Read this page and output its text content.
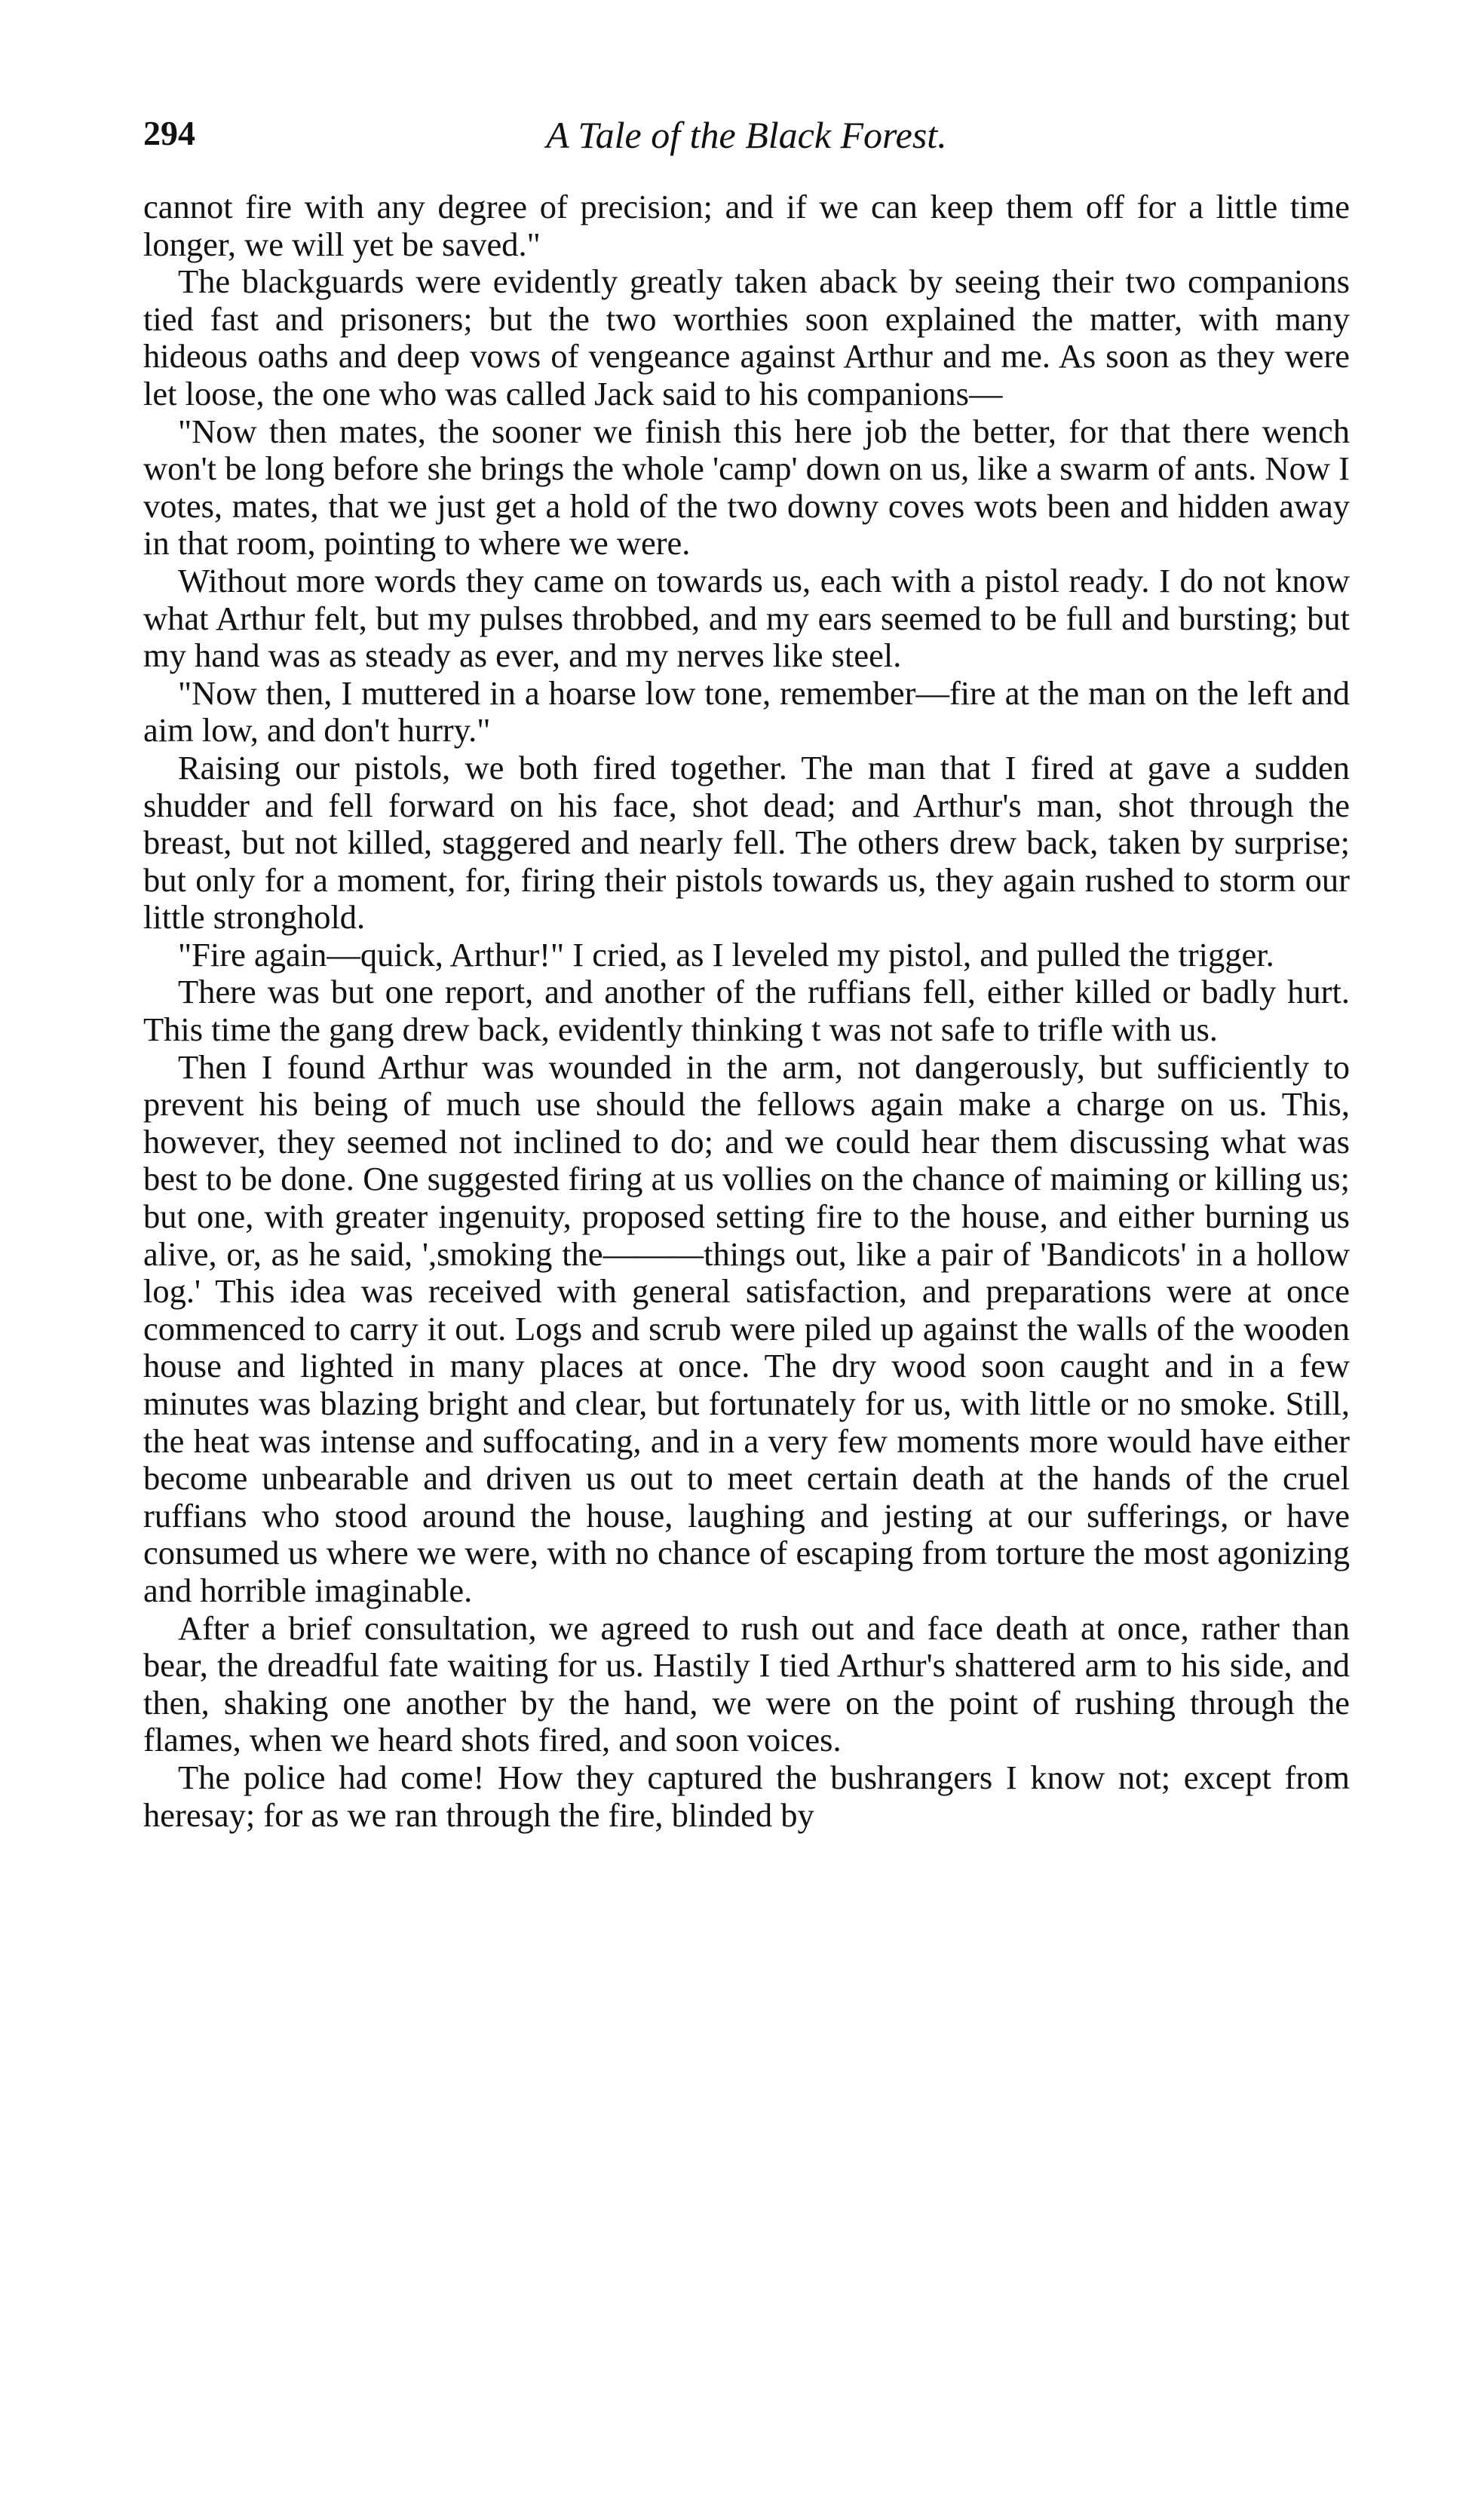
294	A Tale of the Black Forest.

cannot fire with any degree of precision; and if we can keep them off for a little time longer, we will yet be saved."

The blackguards were evidently greatly taken aback by seeing their two companions tied fast and prisoners; but the two worthies soon explained the matter, with many hideous oaths and deep vows of vengeance against Arthur and me. As soon as they were let loose, the one who was called Jack said to his companions—

"Now then mates, the sooner we finish this here job the better, for that there wench won't be long before she brings the whole 'camp' down on us, like a swarm of ants. Now I votes, mates, that we just get a hold of the two downy coves wots been and hidden away in that room, pointing to where we were.

Without more words they came on towards us, each with a pistol ready. I do not know what Arthur felt, but my pulses throbbed, and my ears seemed to be full and bursting; but my hand was as steady as ever, and my nerves like steel.

"Now then, I muttered in a hoarse low tone, remember—fire at the man on the left and aim low, and don't hurry."

Raising our pistols, we both fired together. The man that I fired at gave a sudden shudder and fell forward on his face, shot dead; and Arthur's man, shot through the breast, but not killed, staggered and nearly fell. The others drew back, taken by surprise; but only for a moment, for, firing their pistols towards us, they again rushed to storm our little stronghold.

"Fire again—quick, Arthur!" I cried, as I leveled my pistol, and pulled the trigger.

There was but one report, and another of the ruffians fell, either killed or badly hurt. This time the gang drew back, evidently thinking t was not safe to trifle with us.

Then I found Arthur was wounded in the arm, not dangerously, but sufficiently to prevent his being of much use should the fellows again make a charge on us. This, however, they seemed not inclined to do; and we could hear them discussing what was best to be done. One suggested firing at us vollies on the chance of maiming or killing us; but one, with greater ingenuity, proposed setting fire to the house, and either burning us alive, or, as he said, ',smoking the———things out, like a pair of 'Bandicots' in a hollow log.' This idea was received with general satisfaction, and preparations were at once commenced to carry it out. Logs and scrub were piled up against the walls of the wooden house and lighted in many places at once. The dry wood soon caught and in a few minutes was blazing bright and clear, but fortunately for us, with little or no smoke. Still, the heat was intense and suffocating, and in a very few moments more would have either become unbearable and driven us out to meet certain death at the hands of the cruel ruffians who stood around the house, laughing and jesting at our sufferings, or have consumed us where we were, with no chance of escaping from torture the most agonizing and horrible imaginable.

After a brief consultation, we agreed to rush out and face death at once, rather than bear, the dreadful fate waiting for us. Hastily I tied Arthur's shattered arm to his side, and then, shaking one another by the hand, we were on the point of rushing through the flames, when we heard shots fired, and soon voices.

The police had come! How they captured the bushrangers I know not; except from heresay; for as we ran through the fire, blinded by
